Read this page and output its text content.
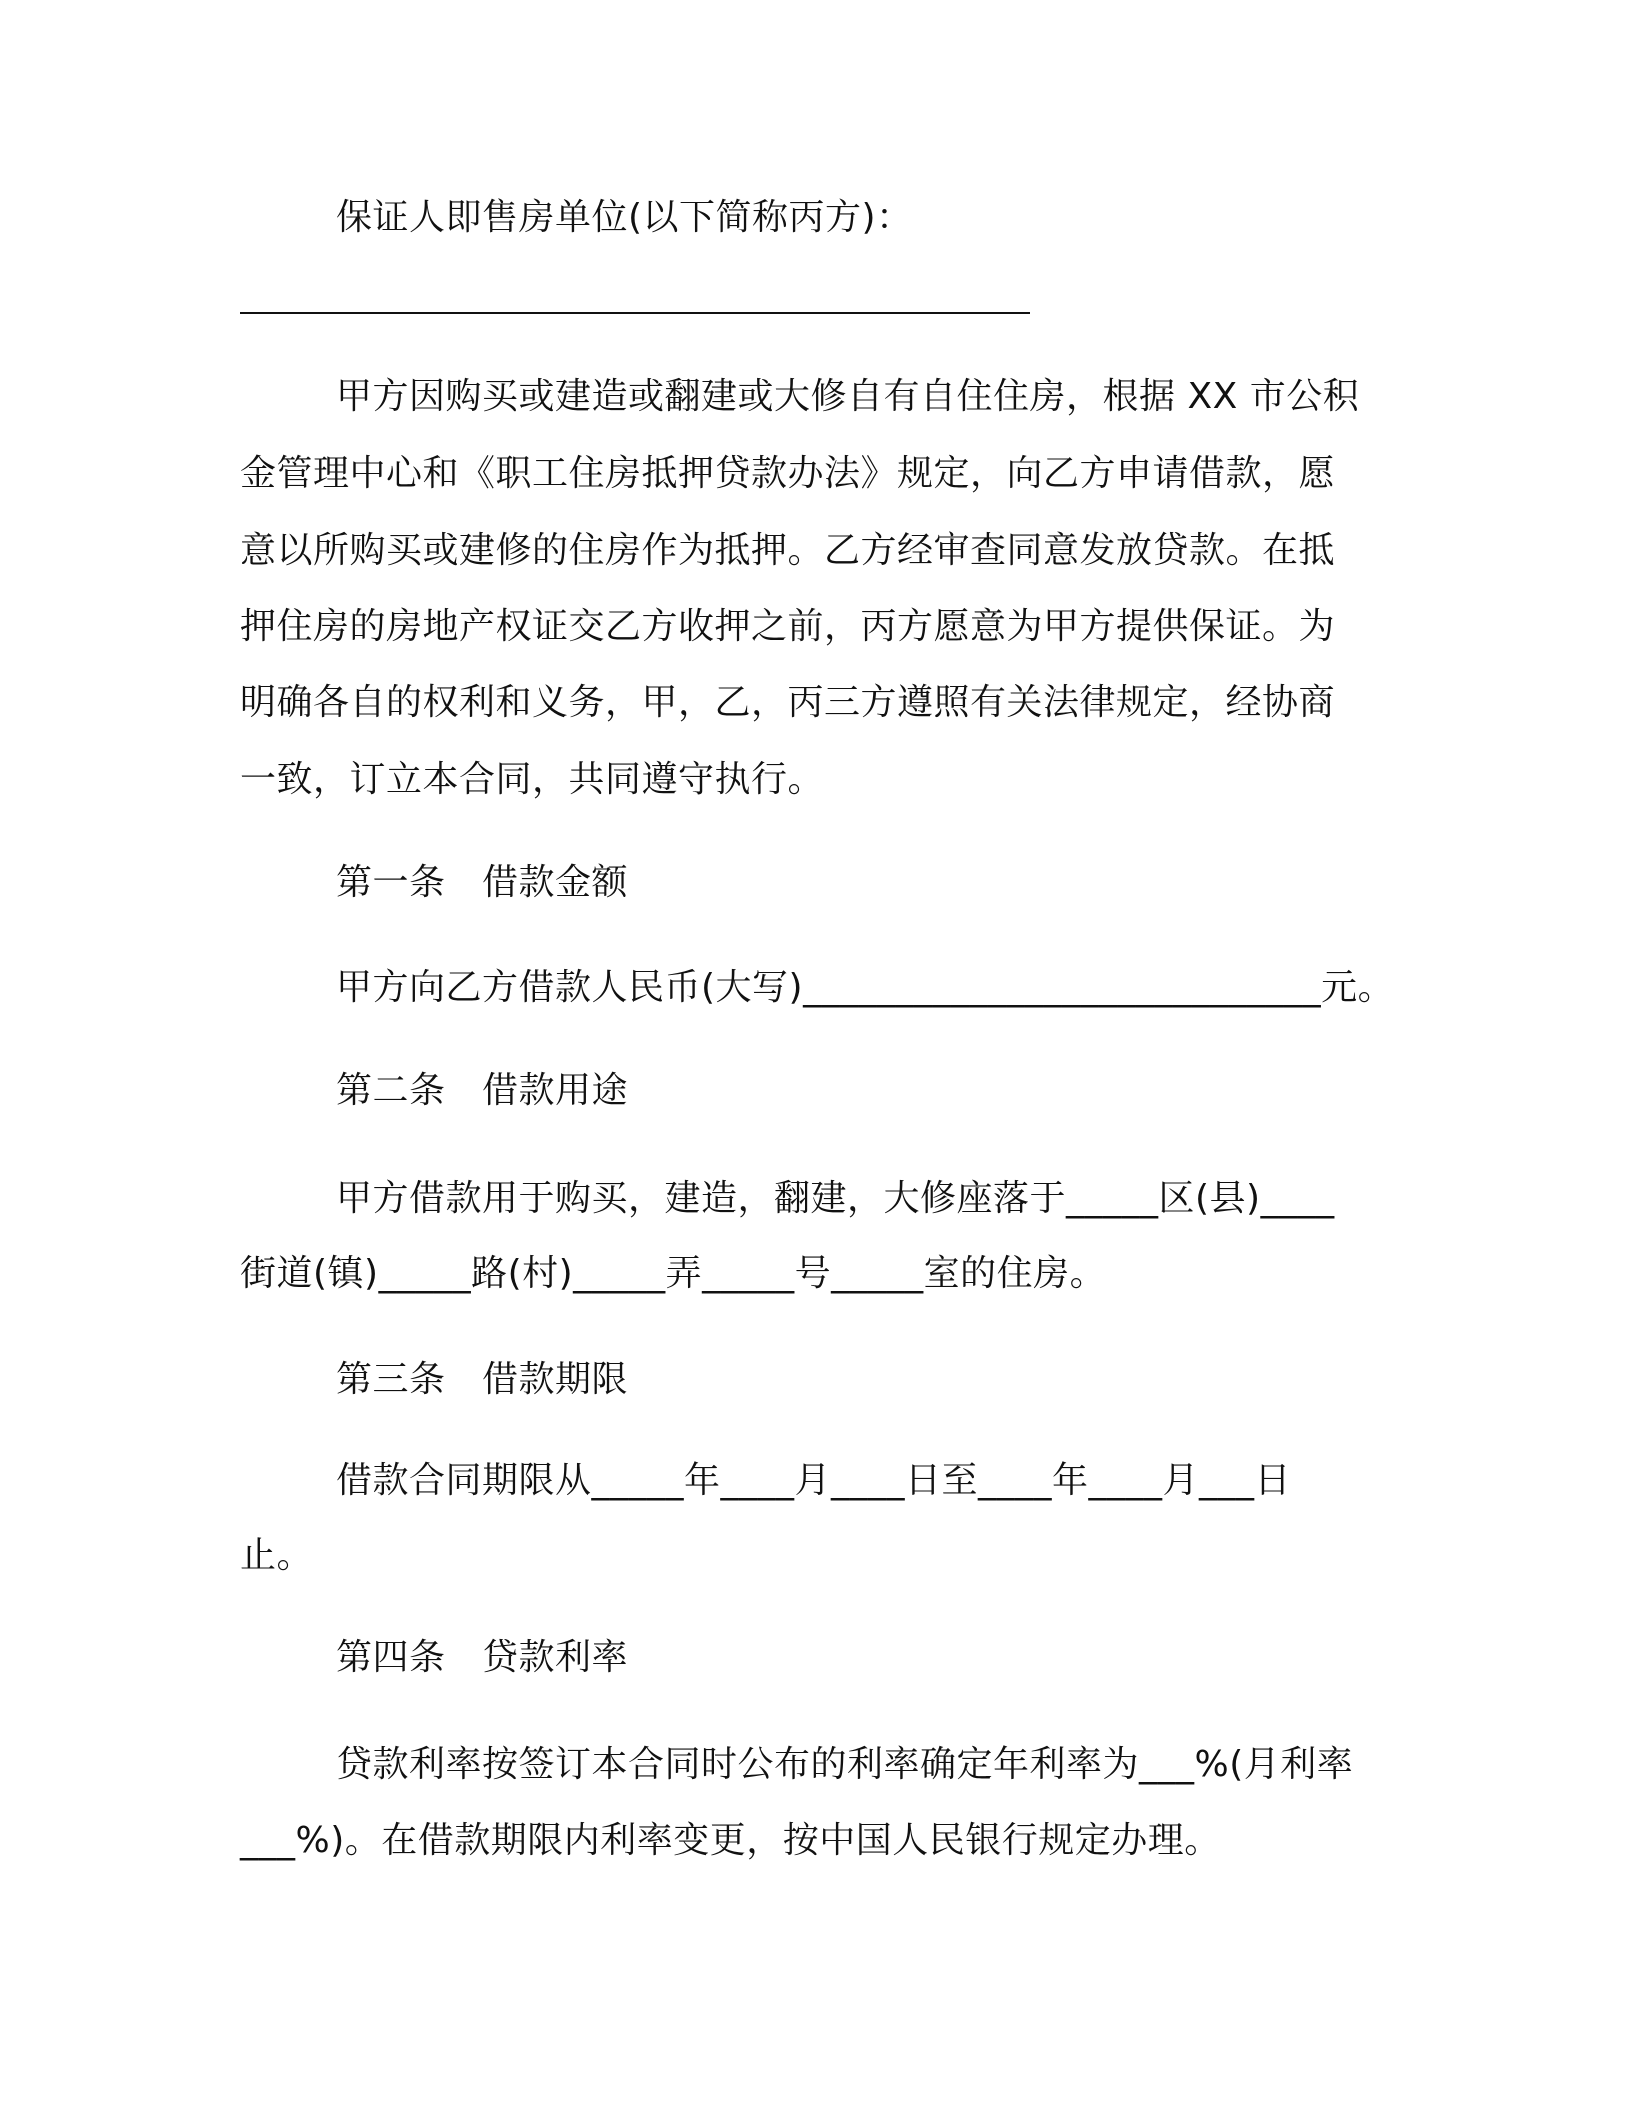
保证人即售房单位(以下简称丙方)：
甲方因购买或建造或翻建或大修自有自住住房，根据 XX 市公积
金管理中心和《职工住房抵押贷款办法》规定，向乙方申请借款，愿
意以所购买或建修的住房作为抵押。乙方经审查同意发放贷款。在抵
押住房的房地产权证交乙方收押之前，丙方愿意为甲方提供保证。为
明确各自的权利和义务，甲，乙，丙三方遵照有关法律规定，经协商
一致，订立本合同，共同遵守执行。
第一条　借款金额
甲方向乙方借款人民币(大写)____________________________元。
第二条　借款用途
甲方借款用于购买，建造，翻建，大修座落于_____区(县)____
街道(镇)_____路(村)_____弄_____号_____室的住房。
第三条　借款期限
借款合同期限从_____年____月____日至____年____月___日
止。
第四条　贷款利率
贷款利率按签订本合同时公布的利率确定年利率为___%(月利率
___%)。在借款期限内利率变更，按中国人民银行规定办理。
